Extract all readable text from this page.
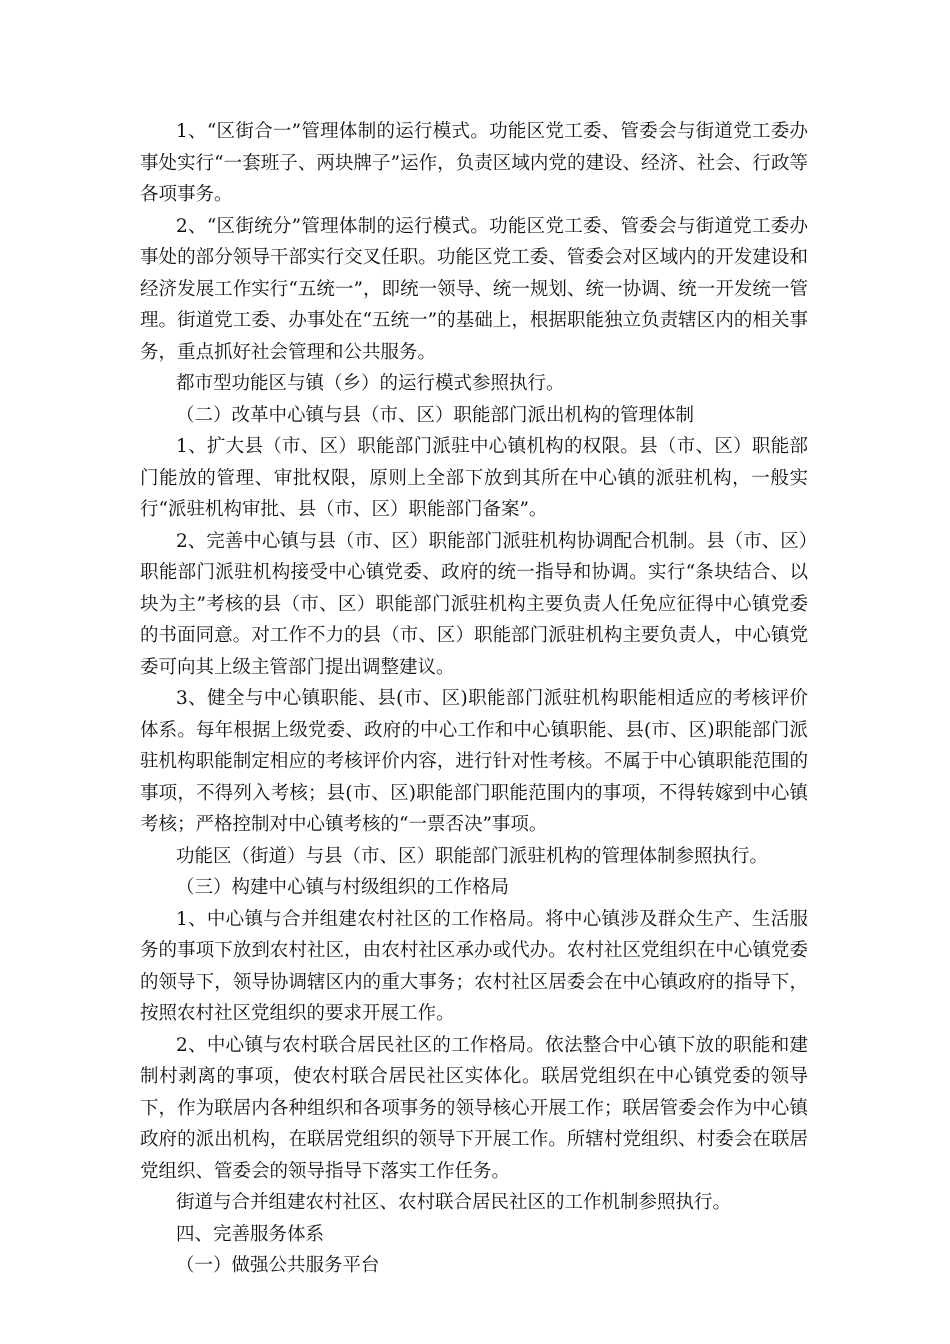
1、“区街合一”管理体制的运行模式。功能区党工委、管委会与街道党工委办事处实行“一套班子、两块牌子”运作，负责区域内党的建设、经济、社会、行政等各项事务。

2、“区街统分”管理体制的运行模式。功能区党工委、管委会与街道党工委办事处的部分领导干部实行交叉任职。功能区党工委、管委会对区域内的开发建设和经济发展工作实行“五统一”，即统一领导、统一规划、统一协调、统一开发统一管理。街道党工委、办事处在“五统一”的基础上，根据职能独立负责辖区内的相关事务，重点抓好社会管理和公共服务。

都市型功能区与镇（乡）的运行模式参照执行。

（二）改革中心镇与县（市、区）职能部门派出机构的管理体制

1、扩大县（市、区）职能部门派驻中心镇机构的权限。县（市、区）职能部门能放的管理、审批权限，原则上全部下放到其所在中心镇的派驻机构，一般实行“派驻机构审批、县（市、区）职能部门备案”。

2、完善中心镇与县（市、区）职能部门派驻机构协调配合机制。县（市、区）职能部门派驻机构接受中心镇党委、政府的统一指导和协调。实行“条块结合、以块为主”考核的县（市、区）职能部门派驻机构主要负责人任免应征得中心镇党委的书面同意。对工作不力的县（市、区）职能部门派驻机构主要负责人，中心镇党委可向其上级主管部门提出调整建议。

3、健全与中心镇职能、县(市、区)职能部门派驻机构职能相适应的考核评价体系。每年根据上级党委、政府的中心工作和中心镇职能、县(市、区)职能部门派驻机构职能制定相应的考核评价内容，进行针对性考核。不属于中心镇职能范围的事项，不得列入考核；县(市、区)职能部门职能范围内的事项，不得转嫁到中心镇考核；严格控制对中心镇考核的“一票否决”事项。

功能区（街道）与县（市、区）职能部门派驻机构的管理体制参照执行。

（三）构建中心镇与村级组织的工作格局

1、中心镇与合并组建农村社区的工作格局。将中心镇涉及群众生产、生活服务的事项下放到农村社区，由农村社区承办或代办。农村社区党组织在中心镇党委的领导下，领导协调辖区内的重大事务；农村社区居委会在中心镇政府的指导下，按照农村社区党组织的要求开展工作。

2、中心镇与农村联合居民社区的工作格局。依法整合中心镇下放的职能和建制村剥离的事项，使农村联合居民社区实体化。联居党组织在中心镇党委的领导下，作为联居内各种组织和各项事务的领导核心开展工作；联居管委会作为中心镇政府的派出机构，在联居党组织的领导下开展工作。所辖村党组织、村委会在联居党组织、管委会的领导指导下落实工作任务。

街道与合并组建农村社区、农村联合居民社区的工作机制参照执行。

四、完善服务体系

（一）做强公共服务平台
